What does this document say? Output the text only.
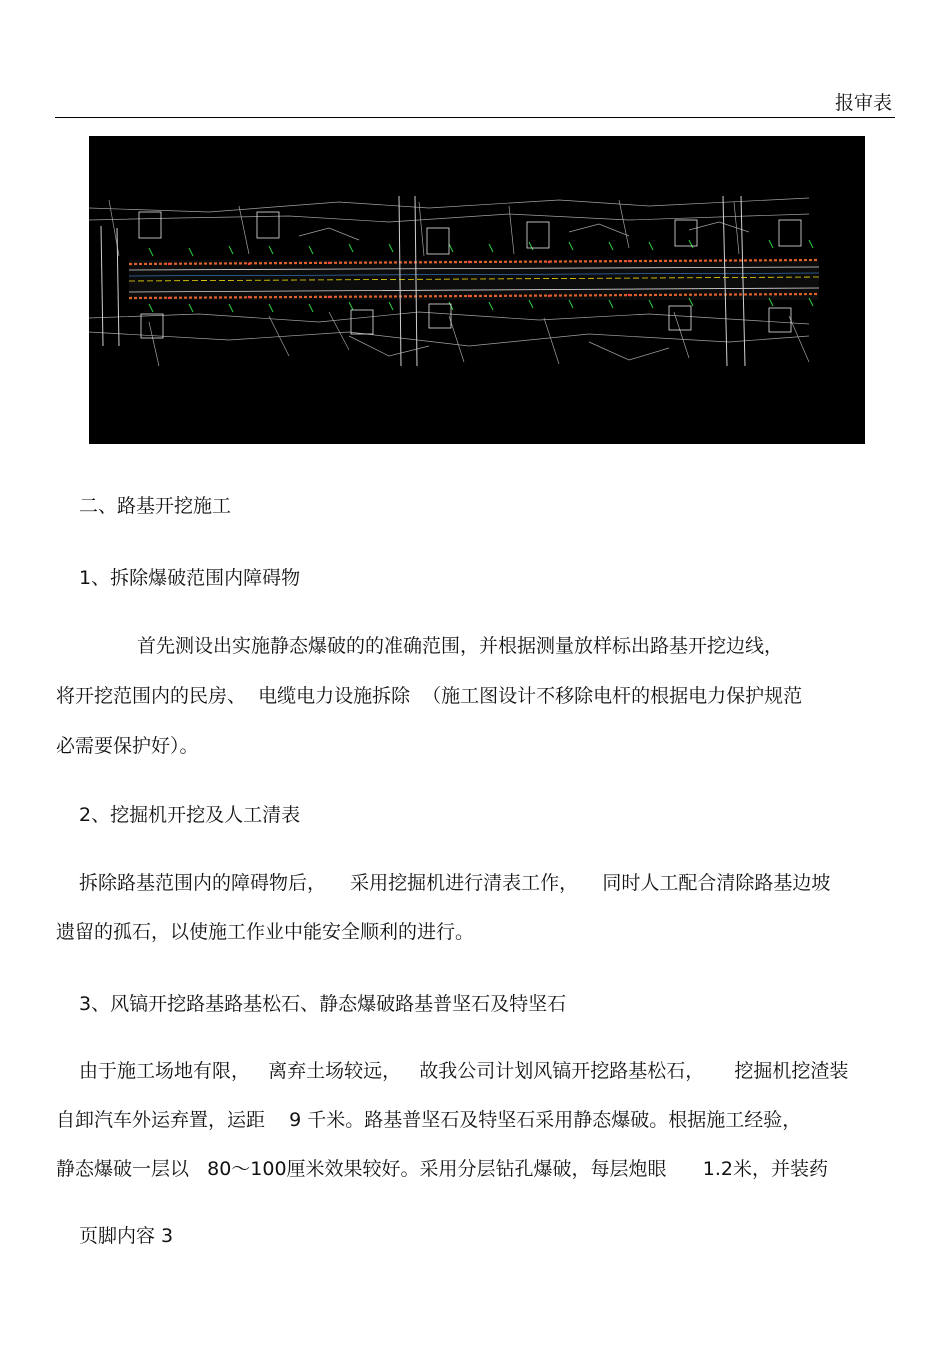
报审表
二、路基开挖施工
1、拆除爆破范围内障碍物
首先测设出实施静态爆破的的准确范围，并根据测量放样标出路基开挖边线，
将开挖范围内的民房、  电缆电力设施拆除  （施工图设计不移除电杆的根据电力保护规范
必需要保护好）。
2、挖掘机开挖及人工清表
拆除路基范围内的障碍物后，    采用挖掘机进行清表工作，    同时人工配合清除路基边坡
遗留的孤石，以使施工作业中能安全顺利的进行。
3、风镐开挖路基路基松石、静态爆破路基普坚石及特坚石
由于施工场地有限，   离弃土场较远，   故我公司计划风镐开挖路基松石，     挖掘机挖渣装
自卸汽车外运弃置，运距    9 千米。路基普坚石及特坚石采用静态爆破。根据施工经验，
静态爆破一层以   80～100厘米效果较好。采用分层钻孔爆破，每层炮眼      1.2米，并装药
页脚内容 3
